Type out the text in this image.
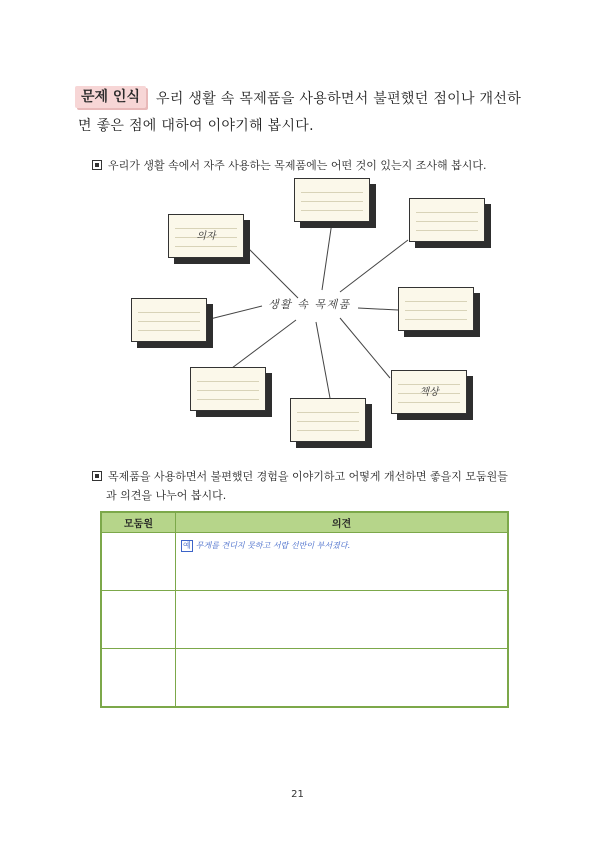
문제 인식	우리 생활 속 목제품을 사용하면서 불편했던 점이나 개선하
면 좋은 점에 대하여 이야기해 봅시다.
우리가 생활 속에서 자주 사용하는 목제품에는 어떤 것이 있는지 조사해 봅시다.
생활 속 목제품
의자
책상
목제품을 사용하면서 불편했던 경험을 이야기하고 어떻게 개선하면 좋을지 모둠원들
과 의견을 나누어 봅시다.
모둠원	의견
	예 무게를 견디지 못하고 서랍 선반이 부서졌다.

21
